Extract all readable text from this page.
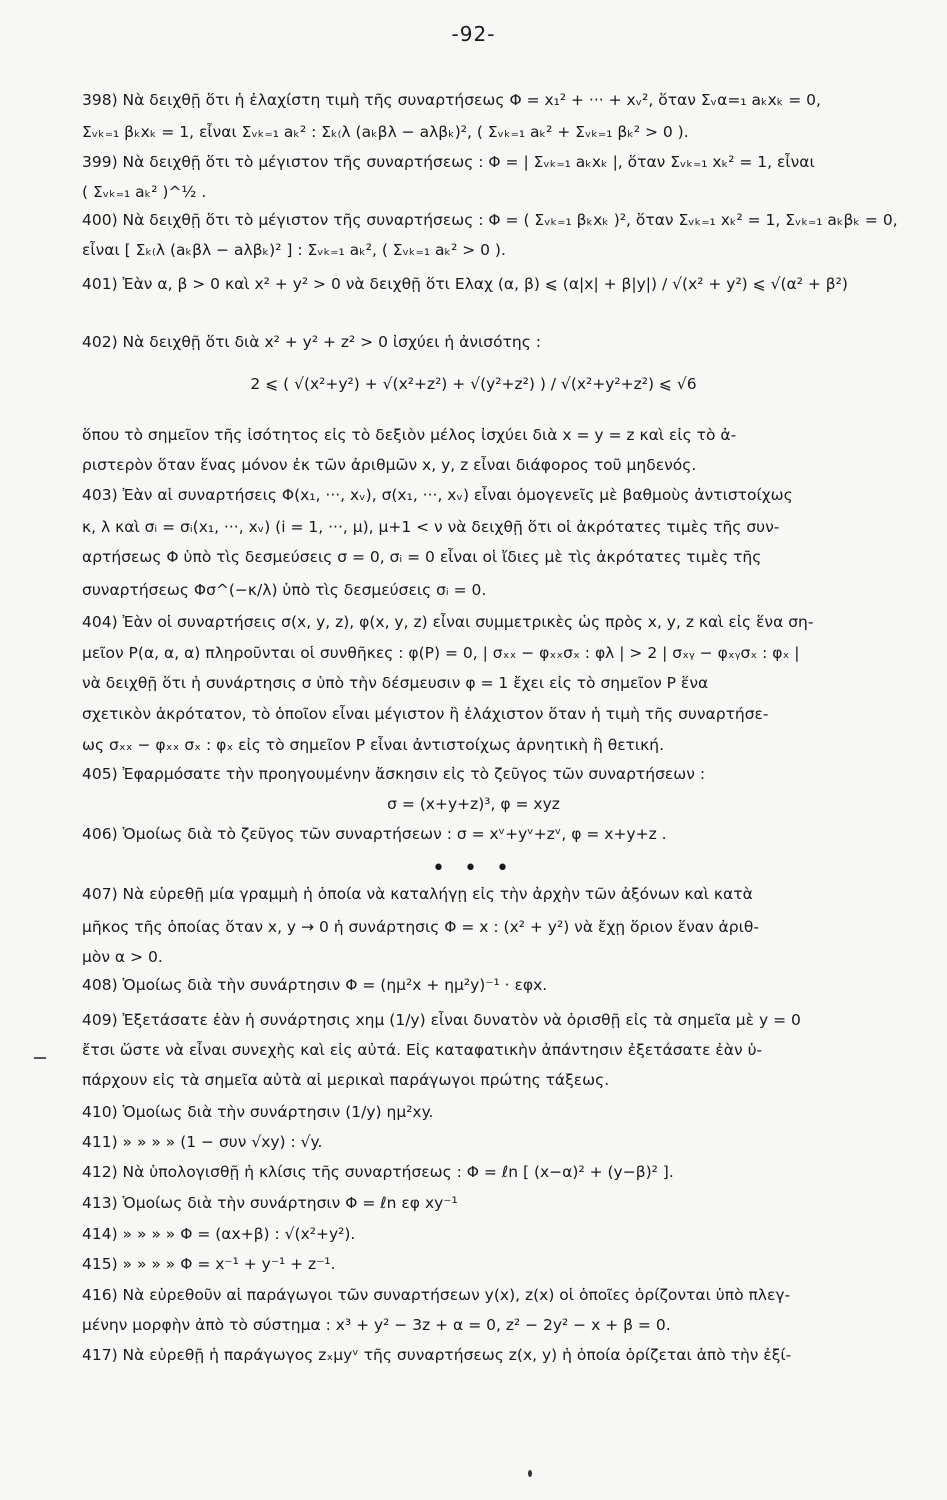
-92-
398) Νὰ δειχθῇ ὅτι ἡ ἐλαχίστη τιμὴ τῆς συναρτήσεως Φ = x₁² + ··· + xᵥ², ὅταν Σᵥα=₁ aₖxₖ = 0,
Σᵥₖ₌₁ βₖxₖ = 1, εἶναι Σᵥₖ₌₁ aₖ² : Σₖ₍λ (aₖβλ − aλβₖ)², ( Σᵥₖ₌₁ aₖ² + Σᵥₖ₌₁ βₖ² > 0 ).
399) Νὰ δειχθῇ ὅτι τὸ μέγιστον τῆς συναρτήσεως : Φ = | Σᵥₖ₌₁ aₖxₖ |, ὅταν Σᵥₖ₌₁ xₖ² = 1, εἶναι
( Σᵥₖ₌₁ aₖ² )^½ .
400) Νὰ δειχθῇ ὅτι τὸ μέγιστον τῆς συναρτήσεως : Φ = ( Σᵥₖ₌₁ βₖxₖ )², ὅταν Σᵥₖ₌₁ xₖ² = 1, Σᵥₖ₌₁ aₖβₖ = 0,
εἶναι [ Σₖ₍λ (aₖβλ − aλβₖ)² ] : Σᵥₖ₌₁ aₖ², ( Σᵥₖ₌₁ aₖ² > 0 ).
401) Ἐὰν α, β > 0 καὶ x² + y² > 0 νὰ δειχθῇ ὅτι Ελαχ (α, β) ⩽ (α|x| + β|y|) / √(x² + y²) ⩽ √(α² + β²)
402) Νὰ δειχθῇ ὅτι διὰ x² + y² + z² > 0 ἰσχύει ἡ ἀνισότης :
2 ⩽ ( √(x²+y²) + √(x²+z²) + √(y²+z²) ) / √(x²+y²+z²) ⩽ √6
ὅπου τὸ σημεῖον τῆς ἰσότητος εἰς τὸ δεξιὸν μέλος ἰσχύει διὰ x = y = z καὶ εἰς τὸ ἀ-
ριστερὸν ὅταν ἕνας μόνον ἐκ τῶν ἀριθμῶν x, y, z εἶναι διάφορος τοῦ μηδενός.
403) Ἐὰν αἱ συναρτήσεις Φ(x₁, ···, xᵥ), σ(x₁, ···, xᵥ) εἶναι ὁμογενεῖς μὲ βαθμοὺς ἀντιστοίχως
κ, λ καὶ σᵢ = σᵢ(x₁, ···, xᵥ) (i = 1, ···, μ), μ+1 < ν νὰ δειχθῇ ὅτι οἱ ἀκρότατες τιμὲς τῆς συν-
αρτήσεως Φ ὑπὸ τὶς δεσμεύσεις σ = 0, σᵢ = 0 εἶναι οἱ ἴδιες μὲ τὶς ἀκρότατες τιμὲς τῆς
συναρτήσεως Φσ^(−κ/λ) ὑπὸ τὶς δεσμεύσεις σᵢ = 0.
404) Ἐὰν οἱ συναρτήσεις σ(x, y, z), φ(x, y, z) εἶναι συμμετρικὲς ὡς πρὸς x, y, z καὶ εἰς ἕνα ση-
μεῖον P(α, α, α) πληροῦνται οἱ συνθῆκες : φ(P) = 0, | σₓₓ − φₓₓσₓ : φλ | > 2 | σₓᵧ − φₓᵧσₓ : φₓ |
νὰ δειχθῇ ὅτι ἡ συνάρτησις σ ὑπὸ τὴν δέσμευσιν φ = 1 ἔχει εἰς τὸ σημεῖον P ἕνα
σχετικὸν ἀκρότατον, τὸ ὁποῖον εἶναι μέγιστον ἢ ἐλάχιστον ὅταν ἡ τιμὴ τῆς συναρτήσε-
ως σₓₓ − φₓₓ σₓ : φₓ εἰς τὸ σημεῖον P εἶναι ἀντιστοίχως ἀρνητικὴ ἢ θετική.
405) Ἐφαρμόσατε τὴν προηγουμένην ἄσκησιν εἰς τὸ ζεῦγος τῶν συναρτήσεων :
σ = (x+y+z)³, φ = xyz
406) Ὁμοίως διὰ τὸ ζεῦγος τῶν συναρτήσεων : σ = xᵛ+yᵛ+zᵛ, φ = x+y+z .
• • •
407) Νὰ εὑρεθῇ μία γραμμὴ ἡ ὁποία νὰ καταλήγῃ εἰς τὴν ἀρχὴν τῶν ἀξόνων καὶ κατὰ
μῆκος τῆς ὁποίας ὅταν x, y → 0 ἡ συνάρτησις Φ = x : (x² + y²) νὰ ἔχῃ ὅριον ἕναν ἀριθ-
μὸν α > 0.
408) Ὁμοίως διὰ τὴν συνάρτησιν Φ = (ημ²x + ημ²y)⁻¹ · εφx.
409) Ἐξετάσατε ἐὰν ἡ συνάρτησις xημ (1/y) εἶναι δυνατὸν νὰ ὁρισθῇ εἰς τὰ σημεῖα μὲ y = 0
ἔτσι ὥστε νὰ εἶναι συνεχὴς καὶ εἰς αὐτά. Εἰς καταφατικὴν ἀπάντησιν ἐξετάσατε ἐὰν ὑ-
πάρχουν εἰς τὰ σημεῖα αὐτὰ αἱ μερικαὶ παράγωγοι πρώτης τάξεως.
410) Ὁμοίως διὰ τὴν συνάρτησιν (1/y) ημ²xy.
411) » » » » (1 − συν √xy) : √y.
412) Νὰ ὑπολογισθῇ ἡ κλίσις τῆς συναρτήσεως : Φ = ℓn [ (x−α)² + (y−β)² ].
413) Ὁμοίως διὰ τὴν συνάρτησιν Φ = ℓn εφ xy⁻¹
414) » » » » Φ = (αx+β) : √(x²+y²).
415) » » » » Φ = x⁻¹ + y⁻¹ + z⁻¹.
416) Νὰ εὑρεθοῦν αἱ παράγωγοι τῶν συναρτήσεων y(x), z(x) οἱ ὁποῖες ὁρίζονται ὑπὸ πλεγ-
μένην μορφὴν ἀπὸ τὸ σύστημα : x³ + y² − 3z + α = 0, z² − 2y² − x + β = 0.
417) Νὰ εὑρεθῇ ἡ παράγωγος zₓμyᵛ τῆς συναρτήσεως z(x, y) ἡ ὁποία ὁρίζεται ἀπὸ τὴν ἐξί-
